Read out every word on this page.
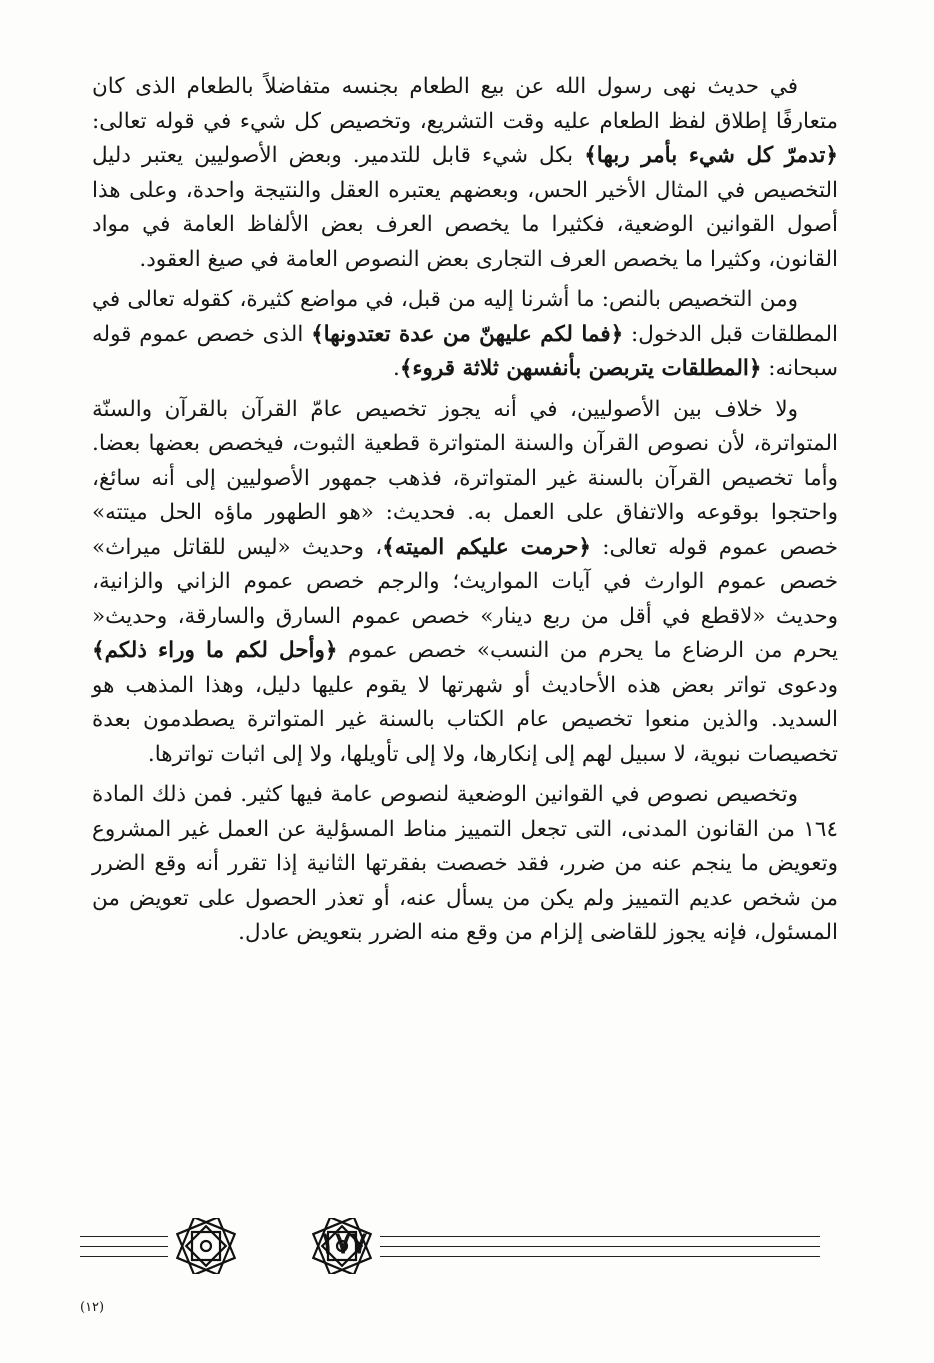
في حديث نهى رسول الله عن بيع الطعام بجنسه متفاضلاً بالطعام الذى كان متعارفًا إطلاق لفظ الطعام عليه وقت التشريع، وتخصيص كل شيء في قوله تعالى: ﴿تدمرّ كل شيء بأمر ربها﴾ بكل شيء قابل للتدمير. وبعض الأصوليين يعتبر دليل التخصيص في المثال الأخير الحس، وبعضهم يعتبره العقل والنتيجة واحدة، وعلى هذا أصول القوانين الوضعية، فكثيرا ما يخصص العرف بعض الألفاظ العامة في مواد القانون، وكثيرا ما يخصص العرف التجارى بعض النصوص العامة في صيغ العقود.

ومن التخصيص بالنص: ما أشرنا إليه من قبل، في مواضع كثيرة، كقوله تعالى في المطلقات قبل الدخول: ﴿فما لكم عليهنّ من عدة تعتدونها﴾ الذى خصص عموم قوله سبحانه: ﴿المطلقات يتربصن بأنفسهن ثلاثة قروء﴾.

ولا خلاف بين الأصوليين، في أنه يجوز تخصيص عامّ القرآن بالقرآن والسنّة المتواترة، لأن نصوص القرآن والسنة المتواترة قطعية الثبوت، فيخصص بعضها بعضا. وأما تخصيص القرآن بالسنة غير المتواترة، فذهب جمهور الأصوليين إلى أنه سائغ، واحتجوا بوقوعه والاتفاق على العمل به. فحديث: «هو الطهور ماؤه الحل ميتته» خصص عموم قوله تعالى: ﴿حرمت عليكم الميته﴾، وحديث «ليس للقاتل ميراث» خصص عموم الوارث في آيات المواريث؛ والرجم خصص عموم الزاني والزانية، وحديث «لاقطع في أقل من ربع دينار» خصص عموم السارق والسارقة، وحديث« يحرم من الرضاع ما يحرم من النسب» خصص عموم ﴿وأحل لكم ما وراء ذلكم﴾ ودعوى تواتر بعض هذه الأحاديث أو شهرتها لا يقوم عليها دليل، وهذا المذهب هو السديد. والذين منعوا تخصيص عام الكتاب بالسنة غير المتواترة يصطدمون بعدة تخصيصات نبوية، لا سبيل لهم إلى إنكارها، ولا إلى تأويلها، ولا إلى اثبات تواترها.

وتخصيص نصوص في القوانين الوضعية لنصوص عامة فيها كثير. فمن ذلك المادة ١٦٤ من القانون المدنى، التى تجعل التمييز مناط المسؤلية عن العمل غير المشروع وتعويض ما ينجم عنه من ضرر، فقد خصصت بفقرتها الثانية إذا تقرر أنه وقع الضرر من شخص عديم التمييز ولم يكن من يسأل عنه، أو تعذر الحصول على تعويض من المسئول، فإنه يجوز للقاضى إلزام من وقع منه الضرر بتعويض عادل.

١٧٧
(١٢)
